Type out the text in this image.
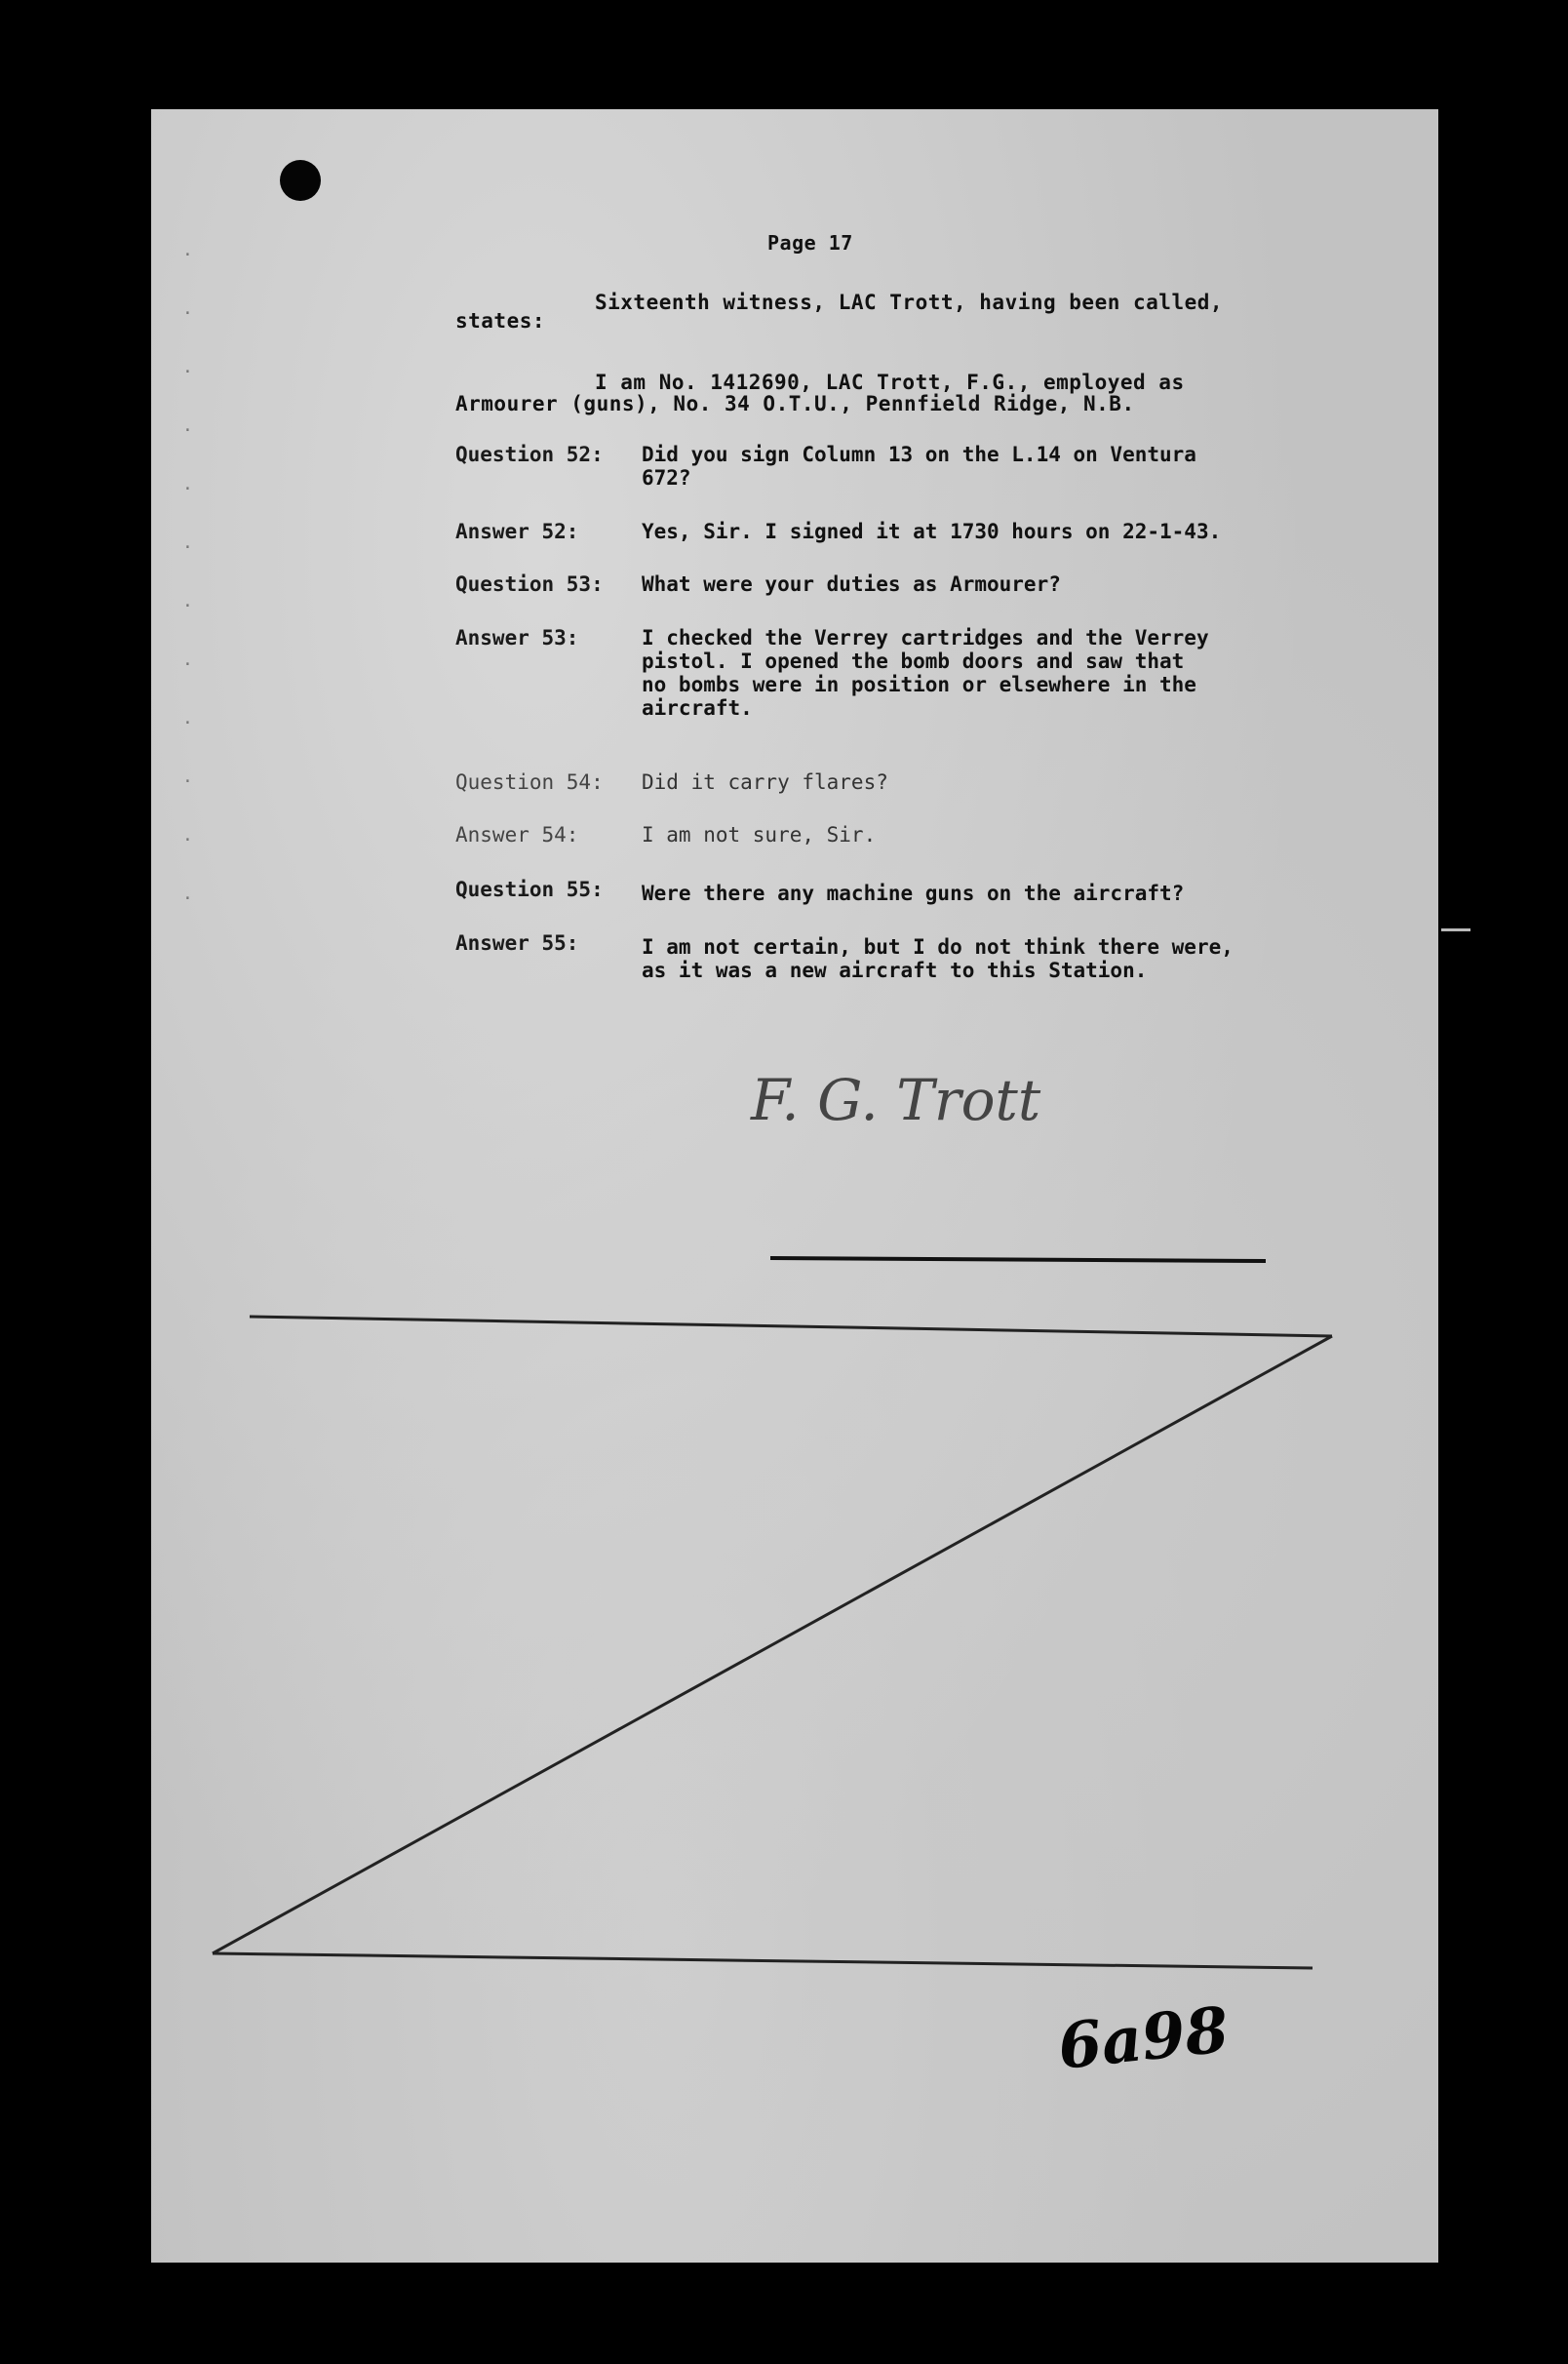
·
·
·
·
·
·
·
·
·
·
·
·
Page 17
Sixteenth witness, LAC Trott, having been called,
states:
I am No. 1412690, LAC Trott, F.G., employed as
Armourer (guns), No. 34 O.T.U., Pennfield Ridge, N.B.
Question 52: Did you sign Column 13 on the L.14 on Ventura
672?
Answer 52:	Yes, Sir. I signed it at 1730 hours on 22-1-43.
Question 53: What were your duties as Armourer?
Answer 53:	I checked the Verrey cartridges and the Verrey
pistol. I opened the bomb doors and saw that
no bombs were in position or elsewhere in the
aircraft.
Question 54: Did it carry flares?
Answer 54:	I am not sure, Sir.
Question 55: Were there any machine guns on the aircraft?
Answer 55:	I am not certain, but I do not think there were,
as it was a new aircraft to this Station.
F. G. Trott
6a98
